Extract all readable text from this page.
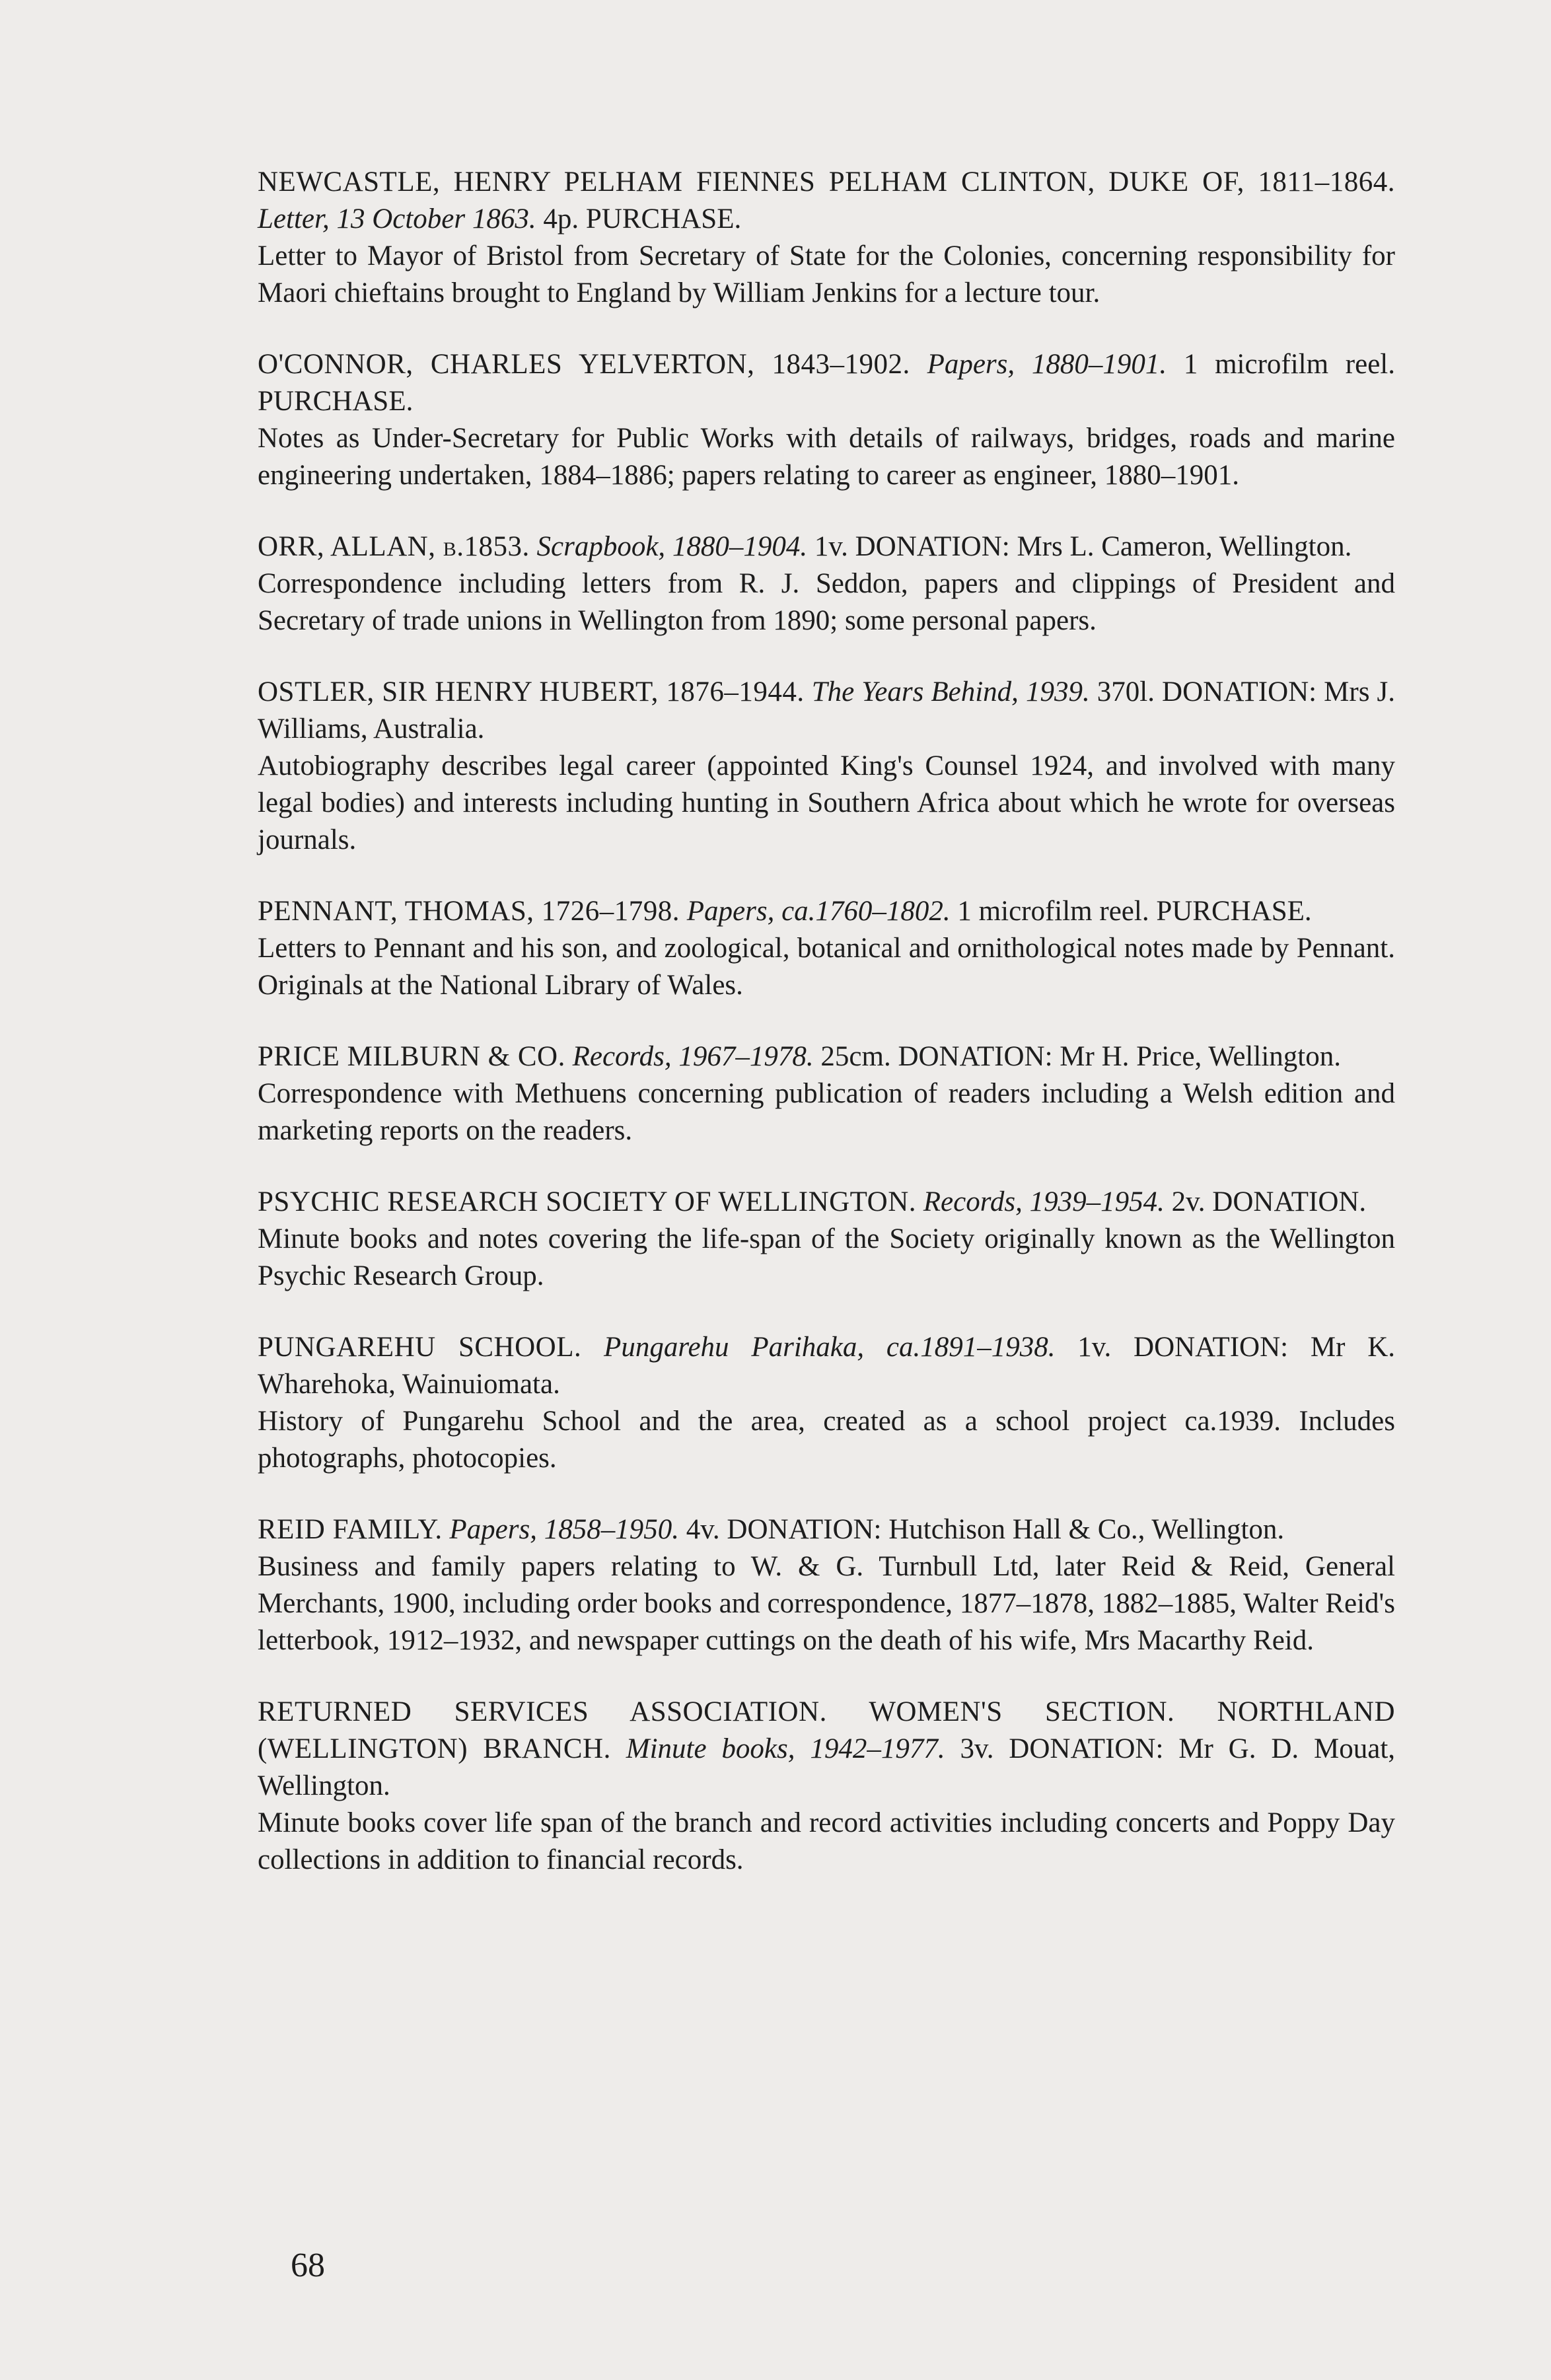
NEWCASTLE, HENRY PELHAM FIENNES PELHAM CLINTON, DUKE OF, 1811–1864. Letter, 13 October 1863. 4p. PURCHASE.
Letter to Mayor of Bristol from Secretary of State for the Colonies, concerning responsibility for Maori chieftains brought to England by William Jenkins for a lecture tour.
O'CONNOR, CHARLES YELVERTON, 1843–1902. Papers, 1880–1901. 1 microfilm reel. PURCHASE.
Notes as Under-Secretary for Public Works with details of railways, bridges, roads and marine engineering undertaken, 1884–1886; papers relating to career as engineer, 1880–1901.
ORR, ALLAN, b.1853. Scrapbook, 1880–1904. 1v. DONATION: Mrs L. Cameron, Wellington.
Correspondence including letters from R. J. Seddon, papers and clippings of President and Secretary of trade unions in Wellington from 1890; some personal papers.
OSTLER, SIR HENRY HUBERT, 1876–1944. The Years Behind, 1939. 370l. DONATION: Mrs J. Williams, Australia.
Autobiography describes legal career (appointed King's Counsel 1924, and involved with many legal bodies) and interests including hunting in Southern Africa about which he wrote for overseas journals.
PENNANT, THOMAS, 1726–1798. Papers, ca.1760–1802. 1 microfilm reel. PURCHASE.
Letters to Pennant and his son, and zoological, botanical and ornithological notes made by Pennant. Originals at the National Library of Wales.
PRICE MILBURN & CO. Records, 1967–1978. 25cm. DONATION: Mr H. Price, Wellington.
Correspondence with Methuens concerning publication of readers including a Welsh edition and marketing reports on the readers.
PSYCHIC RESEARCH SOCIETY OF WELLINGTON. Records, 1939–1954. 2v. DONATION.
Minute books and notes covering the life-span of the Society originally known as the Wellington Psychic Research Group.
PUNGAREHU SCHOOL. Pungarehu Parihaka, ca.1891–1938. 1v. DONATION: Mr K. Wharehoka, Wainuiomata.
History of Pungarehu School and the area, created as a school project ca.1939. Includes photographs, photocopies.
REID FAMILY. Papers, 1858–1950. 4v. DONATION: Hutchison Hall & Co., Wellington.
Business and family papers relating to W. & G. Turnbull Ltd, later Reid & Reid, General Merchants, 1900, including order books and correspondence, 1877–1878, 1882–1885, Walter Reid's letterbook, 1912–1932, and newspaper cuttings on the death of his wife, Mrs Macarthy Reid.
RETURNED SERVICES ASSOCIATION. WOMEN'S SECTION. NORTHLAND (WELLINGTON) BRANCH. Minute books, 1942–1977. 3v. DONATION: Mr G. D. Mouat, Wellington.
Minute books cover life span of the branch and record activities including concerts and Poppy Day collections in addition to financial records.
68
